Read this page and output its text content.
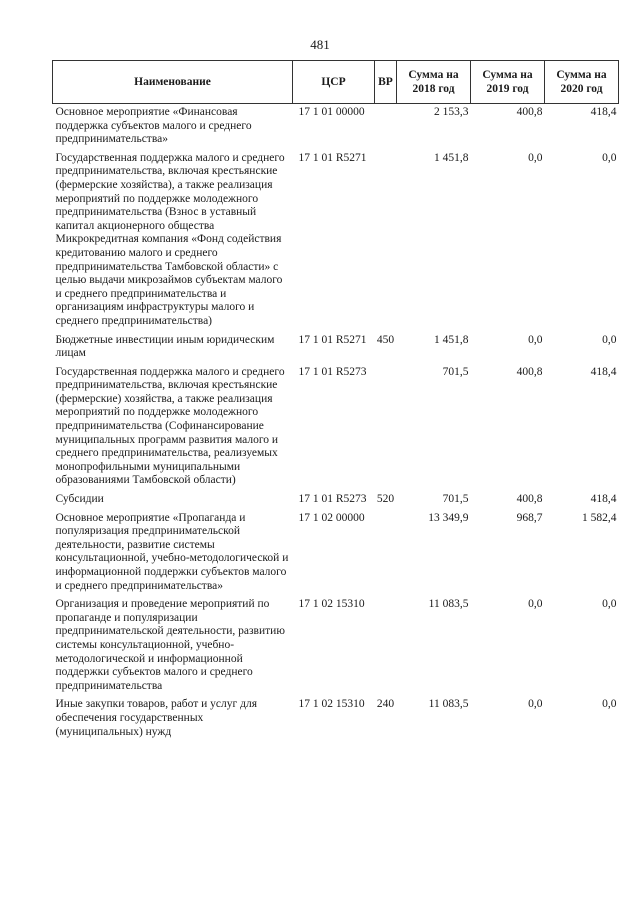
481
Наименование	ЦСР	ВР	Сумма на 2018 год	Сумма на 2019 год	Сумма на 2020 год
Основное мероприятие «Финансовая поддержка субъектов малого и среднего предпринимательства»	17 1 01 00000		2 153,3	400,8	418,4
Государственная поддержка малого и среднего предпринимательства, включая крестьянские (фермерские хозяйства), а также реализация мероприятий по поддержке молодежного предпринимательства (Взнос в уставный капитал акционерного общества Микрокредитная компания «Фонд содействия кредитованию малого и среднего предпринимательства Тамбовской области» с целью выдачи микрозаймов субъектам малого и среднего предпринимательства и организациям инфраструктуры малого и среднего предпринимательства)	17 1 01 R5271		1 451,8	0,0	0,0
Бюджетные инвестиции иным юридическим лицам	17 1 01 R5271	450	1 451,8	0,0	0,0
Государственная поддержка малого и среднего предпринимательства, включая крестьянские (фермерские) хозяйства, а также реализация мероприятий по поддержке молодежного предпринимательства (Софинансирование муниципальных программ развития малого и среднего предпринимательства, реализуемых монопрофильными муниципальными образованиями Тамбовской области)	17 1 01 R5273		701,5	400,8	418,4
Субсидии	17 1 01 R5273	520	701,5	400,8	418,4
Основное мероприятие «Пропаганда и популяризация предпринимательской деятельности, развитие системы консультационной, учебно-методологической и информационной поддержки субъектов малого и среднего предпринимательства»	17 1 02 00000		13 349,9	968,7	1 582,4
Организация и проведение мероприятий по пропаганде и популяризации предпринимательской деятельности, развитию системы консультационной, учебно-методологической и информационной поддержки субъектов малого и среднего предпринимательства	17 1 02 15310		11 083,5	0,0	0,0
Иные закупки товаров, работ и услуг для обеспечения государственных (муниципальных) нужд	17 1 02 15310	240	11 083,5	0,0	0,0
